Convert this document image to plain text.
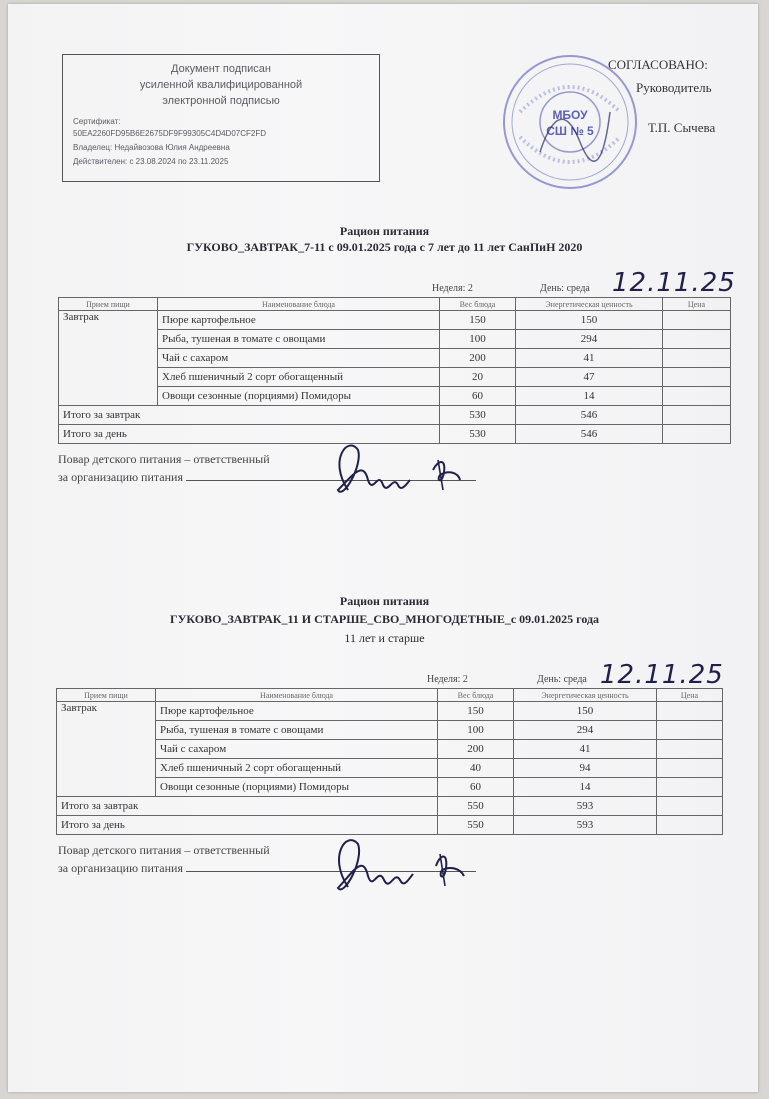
Документ подписан
усиленной квалифицированной
электронной подписью
Сертификат:
50EA2260FD95B6E2675DF9F99305C4D4D07CF2FD
Владелец: Недайвозова Юлия Андреевна
Действителен: с 23.08.2024 по 23.11.2025
МБОУ
СШ № 5
СОГЛАСОВАНО:
Руководитель
Т.П. Сычева
Рацион питания
ГУКОВО_ЗАВТРАК_7-11 с 09.01.2025 года с 7 лет до 11 лет СанПиН 2020
Неделя: 2	День: среда 12.11.25
Прием пищи	Наименование блюда	Вес блюда	Энергетическая ценность	Цена
Завтрак	Пюре картофельное	150	150	
	Рыба, тушеная в томате с овощами	100	294	
	Чай с сахаром	200	41	
	Хлеб пшеничный 2 сорт обогащенный	20	47	
	Овощи сезонные (порциями) Помидоры	60	14	
Итого за завтрак		530	546	
Итого за день		530	546	
Повар детского питания – ответственный
за организацию питания
Рацион питания
ГУКОВО_ЗАВТРАК_11 И СТАРШЕ_СВО_МНОГОДЕТНЫЕ_с 09.01.2025 года
11 лет и старше
Неделя: 2	День: среда 12.11.25
Прием пищи	Наименование блюда	Вес блюда	Энергетическая ценность	Цена
Завтрак	Пюре картофельное	150	150	
	Рыба, тушеная в томате с овощами	100	294	
	Чай с сахаром	200	41	
	Хлеб пшеничный 2 сорт обогащенный	40	94	
	Овощи сезонные (порциями) Помидоры	60	14	
Итого за завтрак		550	593	
Итого за день		550	593	
Повар детского питания – ответственный
за организацию питания
